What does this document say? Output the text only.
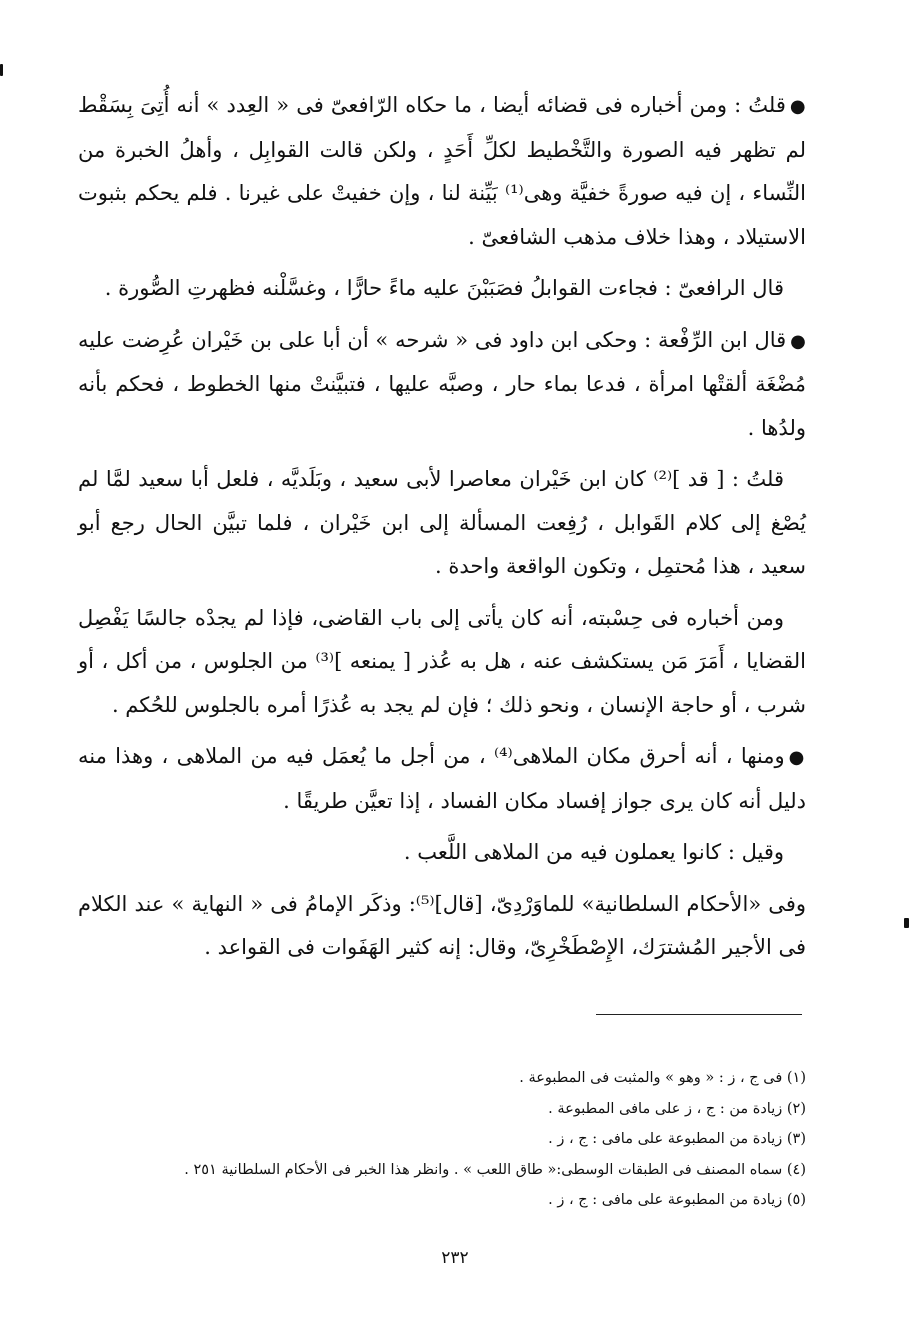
●قلتُ : ومن أخباره فى قضائه أيضا ، ما حكاه الرّافعىّ فى « العِدد » أنه أُتِىَ بِسَقْط لم تظهر فيه الصورة والتَّخْطيط لكلِّ أَحَدٍ ، ولكن قالت القوابِل ، وأهلُ الخبرة من النِّساء ، إن فيه صورةً خفيَّة وهى⁽¹⁾ بَيِّنة لنا ، وإن خفيتْ على غيرنا . فلم يحكم بثبوت الاستيلاد ، وهذا خلاف مذهب الشافعىّ .

قال الرافعىّ : فجاءت القوابلُ فصَبَبْنَ عليه ماءً حارًّا ، وغسَّلْنه فظهرتِ الصُّورة .

●قال ابن الرِّفْعة : وحكى ابن داود فى « شرحه » أن أبا على بن خَيْران عُرِضت عليه مُضْغَة ألقتْها امرأة ، فدعا بماء حار ، وصبَّه عليها ، فتبيَّنتْ منها الخطوط ، فحكم بأنه ولدُها .

قلتُ : [ قد ]⁽²⁾ كان ابن خَيْران معاصرا لأبى سعيد ، وبَلَديَّه ، فلعل أبا سعيد لمَّا لم يُصْغ إلى كلام القَوابل ، رُفِعت المسألة إلى ابن خَيْران ، فلما تبيَّن الحال رجع أبو سعيد ، هذا مُحتمِل ، وتكون الواقعة واحدة .

ومن أخباره فى حِسْبته، أنه كان يأتى إلى باب القاضى، فإذا لم يجدْه جالسًا يَفْصِل القضايا ، أَمَرَ مَن يستكشف عنه ، هل به عُذر [ يمنعه ]⁽³⁾ من الجلوس ، من أكل ، أو شرب ، أو حاجة الإنسان ، ونحو ذلك ؛ فإن لم يجد به عُذرًا أمره بالجلوس للحُكم .

●ومنها ، أنه أحرق مكان الملاهى⁽⁴⁾ ، من أجل ما يُعمَل فيه من الملاهى ، وهذا منه دليل أنه كان يرى جواز إفساد مكان الفساد ، إذا تعيَّن طريقًا .

وقيل : كانوا يعملون فيه من الملاهى اللَّعب .

وفى «الأحكام السلطانية» للماوَرْدِىّ، [قال]⁽⁵⁾: وذكَر الإمامُ فى « النهاية » عند الكلام فى الأجير المُشترَك، الإِصْطَخْرِىّ، وقال: إنه كثير الهَفَوات فى القواعد .

(١) فى ج ، ز : « وهو » والمثبت فى المطبوعة .

(٢) زيادة من : ج ، ز على مافى المطبوعة .

(٣) زيادة من المطبوعة على مافى : ج ، ز .

(٤) سماه المصنف فى الطبقات الوسطى:« طاق اللعب » . وانظر هذا الخبر فى الأحكام السلطانية ٢٥١ .

(٥) زيادة من المطبوعة على مافى : ج ، ز .

٢٣٢
